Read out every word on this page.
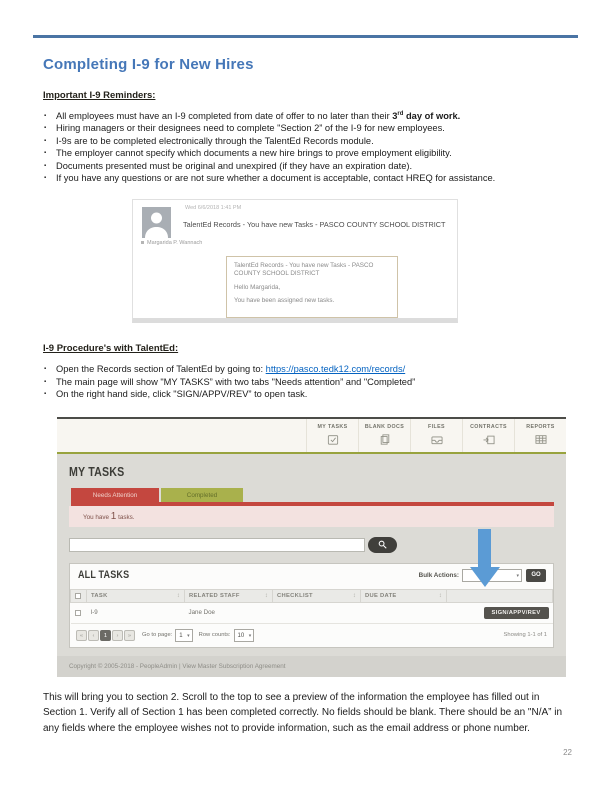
Completing I-9 for New Hires
Important I-9 Reminders:
▪ All employees must have an I-9 completed from date of offer to no later than their 3rd day of work.
▪ Hiring managers or their designees need to complete "Section 2” of the I-9 for new employees.
▪ I-9s are to be completed electronically through the TalentEd Records module.
▪ The employer cannot specify which documents a new hire brings to prove employment eligibility.
▪ Documents presented must be original and unexpired (if they have an expiration date).
▪ If you have any questions or are not sure whether a document is acceptable, contact HREQ for assistance.
Wed 6/6/2018 1:41 PM
TalentEd Records - You have new Tasks - PASCO COUNTY SCHOOL DISTRICT
Margarida P. Wannach

TalentEd Records - You have new Tasks - PASCO COUNTY SCHOOL DISTRICT

Hello Margarida,

You have been assigned new tasks.

I-9 Procedure's with TalentEd:
▪ Open the Records section of TalentEd by going to: https://pasco.tedk12.com/records/
▪ The main page will show "MY TASKS” with two tabs "Needs attention” and "Completed”
▪ On the right hand side, click "SIGN/APPV/REV” to open task.
MY TASKS	BLANK DOCS	FILES	CONTRACTS	REPORTS
MY TASKS
Needs Attention	Completed
You have 1 tasks.
ALL TASKS	Bulk Actions:	▾	GO
	TASK ↕	RELATED STAFF ↕	CHECKLIST ↕	DUE DATE ↕	

	I-9	Jane Doe			SIGN/APPV/REV
«	‹	1	›	»	Go to page:	1 ▾ Row counts:	10 ▾	Showing 1-1 of 1
Copyright © 2005-2018 - PeopleAdmin | View Master Subscription Agreement

This will bring you to section 2. Scroll to the top to see a preview of the information the employee has filled out in Section 1. Verify all of Section 1 has been completed correctly. No fields should be blank. There should be an "N/A” in any fields where the employee wishes not to provide information, such as the email address or phone number.

22
